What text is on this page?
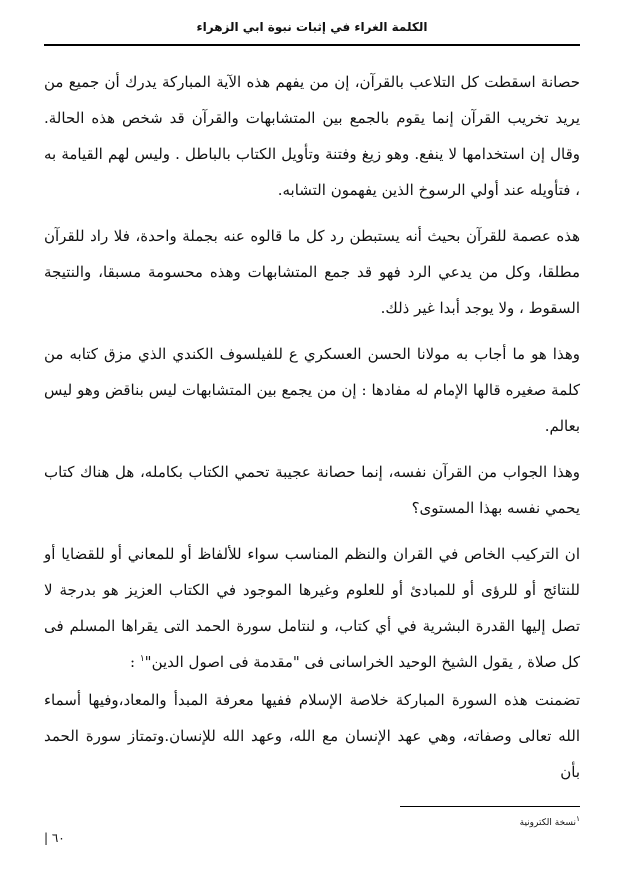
الكلمة الغراء في إثبات نبوة ابي الزهراء

حصانة اسقطت كل التلاعب بالقرآن، إن من يفهم هذه الآية المباركة يدرك أن جميع من يريد تخريب القرآن إنما يقوم بالجمع بين المتشابهات والقرآن قد شخص هذه الحالة. وقال إن استخدامها لا ينفع. وهو زيغ وفتنة وتأويل الكتاب بالباطل . وليس لهم القيامة به ، فتأويله عند أولي الرسوخ الذين يفهمون التشابه.

هذه عصمة للقرآن بحيث أنه يستبطن رد كل ما قالوه عنه بجملة واحدة، فلا راد للقرآن مطلقا، وكل من يدعي الرد فهو قد جمع المتشابهات وهذه محسومة مسبقا، والنتيجة السقوط ، ولا يوجد أبدا غير ذلك.

وهذا هو ما أجاب به مولانا الحسن العسكري ع للفيلسوف الكندي الذي مزق كتابه من كلمة صغيره قالها الإمام له مفادها : إن من يجمع بين المتشابهات ليس بناقض وهو ليس بعالم.

وهذا الجواب من القرآن نفسه، إنما حصانة عجيبة تحمي الكتاب بكامله، هل هناك كتاب يحمي نفسه بهذا المستوى؟

ان التركيب الخاص في القران والنظم المناسب سواء للألفاظ أو للمعاني أو للقضايا أو للنتائج أو للرؤى أو للمبادئ أو للعلوم وغيرها الموجود في الكتاب العزيز هو بدرجة لا تصل إليها القدرة البشرية في أي كتاب، و لنتامل سورة الحمد التى يقراها المسلم فى كل صلاة , يقول الشيخ الوحيد الخراسانى فى "مقدمة فى اصول الدين"$^١$ :

تضمنت هذه السورة المباركة خلاصة الإسلام ففيها معرفة المبدأ والمعاد،وفيها أسماء الله تعالى وصفاته، وهي عهد الإنسان مع الله، وعهد الله للإنسان.وتمتاز سورة الحمد بأن

$^١$نسخة الكترونية
٦٠ |
